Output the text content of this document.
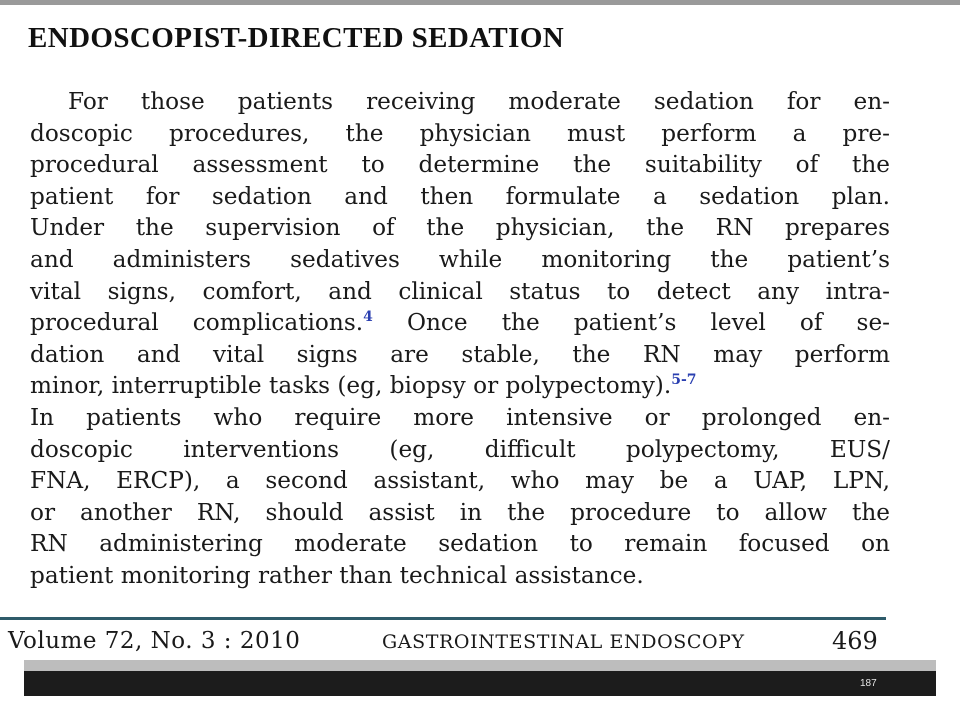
ENDOSCOPIST-DIRECTED SEDATION

For those patients receiving moderate sedation for en-
doscopic procedures, the physician must perform a pre-
procedural assessment to determine the suitability of the
patient for sedation and then formulate a sedation plan.
Under the supervision of the physician, the RN prepares
and administers sedatives while monitoring the patient’s
vital signs, comfort, and clinical status to detect any intra-
procedural complications.$^4$ Once the patient’s level of se-
dation and vital signs are stable, the RN may perform
minor, interruptible tasks (eg, biopsy or polypectomy).$^{5-7}$
In patients who require more intensive or prolonged en-
doscopic interventions (eg, difficult polypectomy, EUS/
FNA, ERCP), a second assistant, who may be a UAP, LPN,
or another RN, should assist in the procedure to allow the
RN administering moderate sedation to remain focused on
patient monitoring rather than technical assistance.

Volume 72, No. 3 : 2010	GASTROINTESTINAL ENDOSCOPY	469
187
